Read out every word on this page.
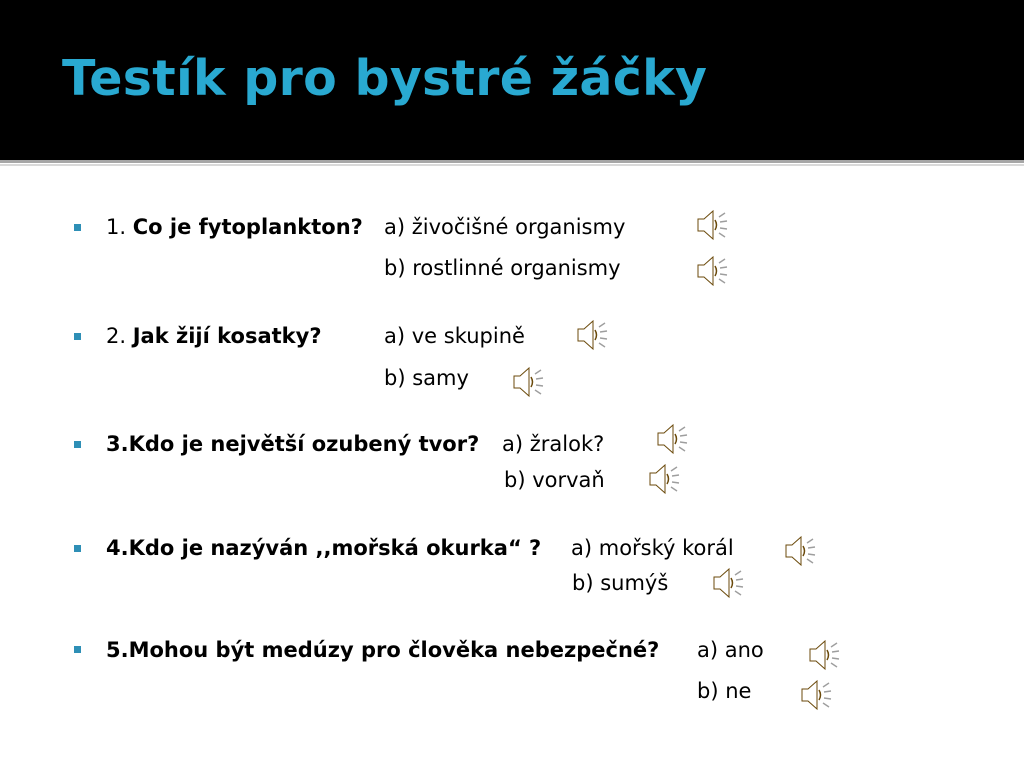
Testík pro bystré žáčky
1. Co je fytoplankton? a) živočišné organismy
b) rostlinné organismy
2. Jak žijí kosatky?	a) ve skupině
b) samy
3.Kdo je největší ozubený tvor? a) žralok?
b) vorvaň
4.Kdo je nazýván ,,mořská okurka“ ? a) mořský korál
b) sumýš
5.Mohou být medúzy pro člověka nebezpečné? a) ano
b) ne
